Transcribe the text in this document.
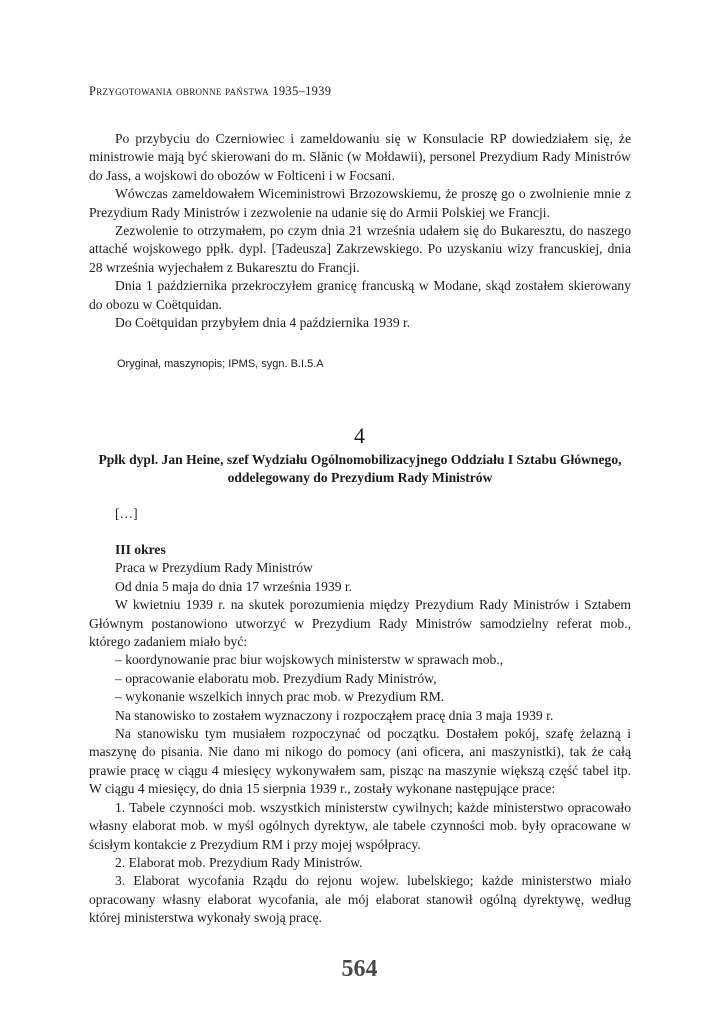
Przygotowania obronne państwa 1935–1939

Po przybyciu do Czerniowiec i zameldowaniu się w Konsulacie RP dowiedziałem się, że ministrowie mają być skierowani do m. Slănic (w Mołdawii), personel Prezydium Rady Ministrów do Jass, a wojskowi do obozów w Folticeni i w Focsani.

Wówczas zameldowałem Wiceministrowi Brzozowskiemu, że proszę go o zwolnienie mnie z Prezydium Rady Ministrów i zezwolenie na udanie się do Armii Polskiej we Francji.

Zezwolenie to otrzymałem, po czym dnia 21 września udałem się do Bukaresztu, do naszego attaché wojskowego ppłk. dypl. [Tadeusza] Zakrzewskiego. Po uzyskaniu wizy francuskiej, dnia 28 września wyjechałem z Bukaresztu do Francji.

Dnia 1 października przekroczyłem granicę francuską w Modane, skąd zostałem skierowany do obozu w Coëtquidan.

Do Coëtquidan przybyłem dnia 4 października 1939 r.

Oryginał, maszynopis; IPMS, sygn. B.I.5.A
4
Ppłk dypl. Jan Heine, szef Wydziału Ogólnomobilizacyjnego Oddziału I Sztabu Głównego,
oddelegowany do Prezydium Rady Ministrów
[…]

III okres

Praca w Prezydium Rady Ministrów

Od dnia 5 maja do dnia 17 września 1939 r.

W kwietniu 1939 r. na skutek porozumienia między Prezydium Rady Ministrów i Sztabem Głównym postanowiono utworzyć w Prezydium Rady Ministrów samodzielny referat mob., którego zadaniem miało być:

– koordynowanie prac biur wojskowych ministerstw w sprawach mob.,

– opracowanie elaboratu mob. Prezydium Rady Ministrów,

– wykonanie wszelkich innych prac mob. w Prezydium RM.

Na stanowisko to zostałem wyznaczony i rozpocząłem pracę dnia 3 maja 1939 r.

Na stanowisku tym musiałem rozpoczynać od początku. Dostałem pokój, szafę żelazną i maszynę do pisania. Nie dano mi nikogo do pomocy (ani oficera, ani maszynistki), tak że całą prawie pracę w ciągu 4 miesięcy wykonywałem sam, pisząc na maszynie większą część tabel itp. W ciągu 4 miesięcy, do dnia 15 sierpnia 1939 r., zostały wykonane następujące prace:

1. Tabele czynności mob. wszystkich ministerstw cywilnych; każde ministerstwo opracowało własny elaborat mob. w myśl ogólnych dyrektyw, ale tabele czynności mob. były opracowane w ścisłym kontakcie z Prezydium RM i przy mojej współpracy.

2. Elaborat mob. Prezydium Rady Ministrów.

3. Elaborat wycofania Rządu do rejonu wojew. lubelskiego; każde ministerstwo miało opracowany własny elaborat wycofania, ale mój elaborat stanowił ogólną dyrektywę, według której ministerstwa wykonały swoją pracę.

564
